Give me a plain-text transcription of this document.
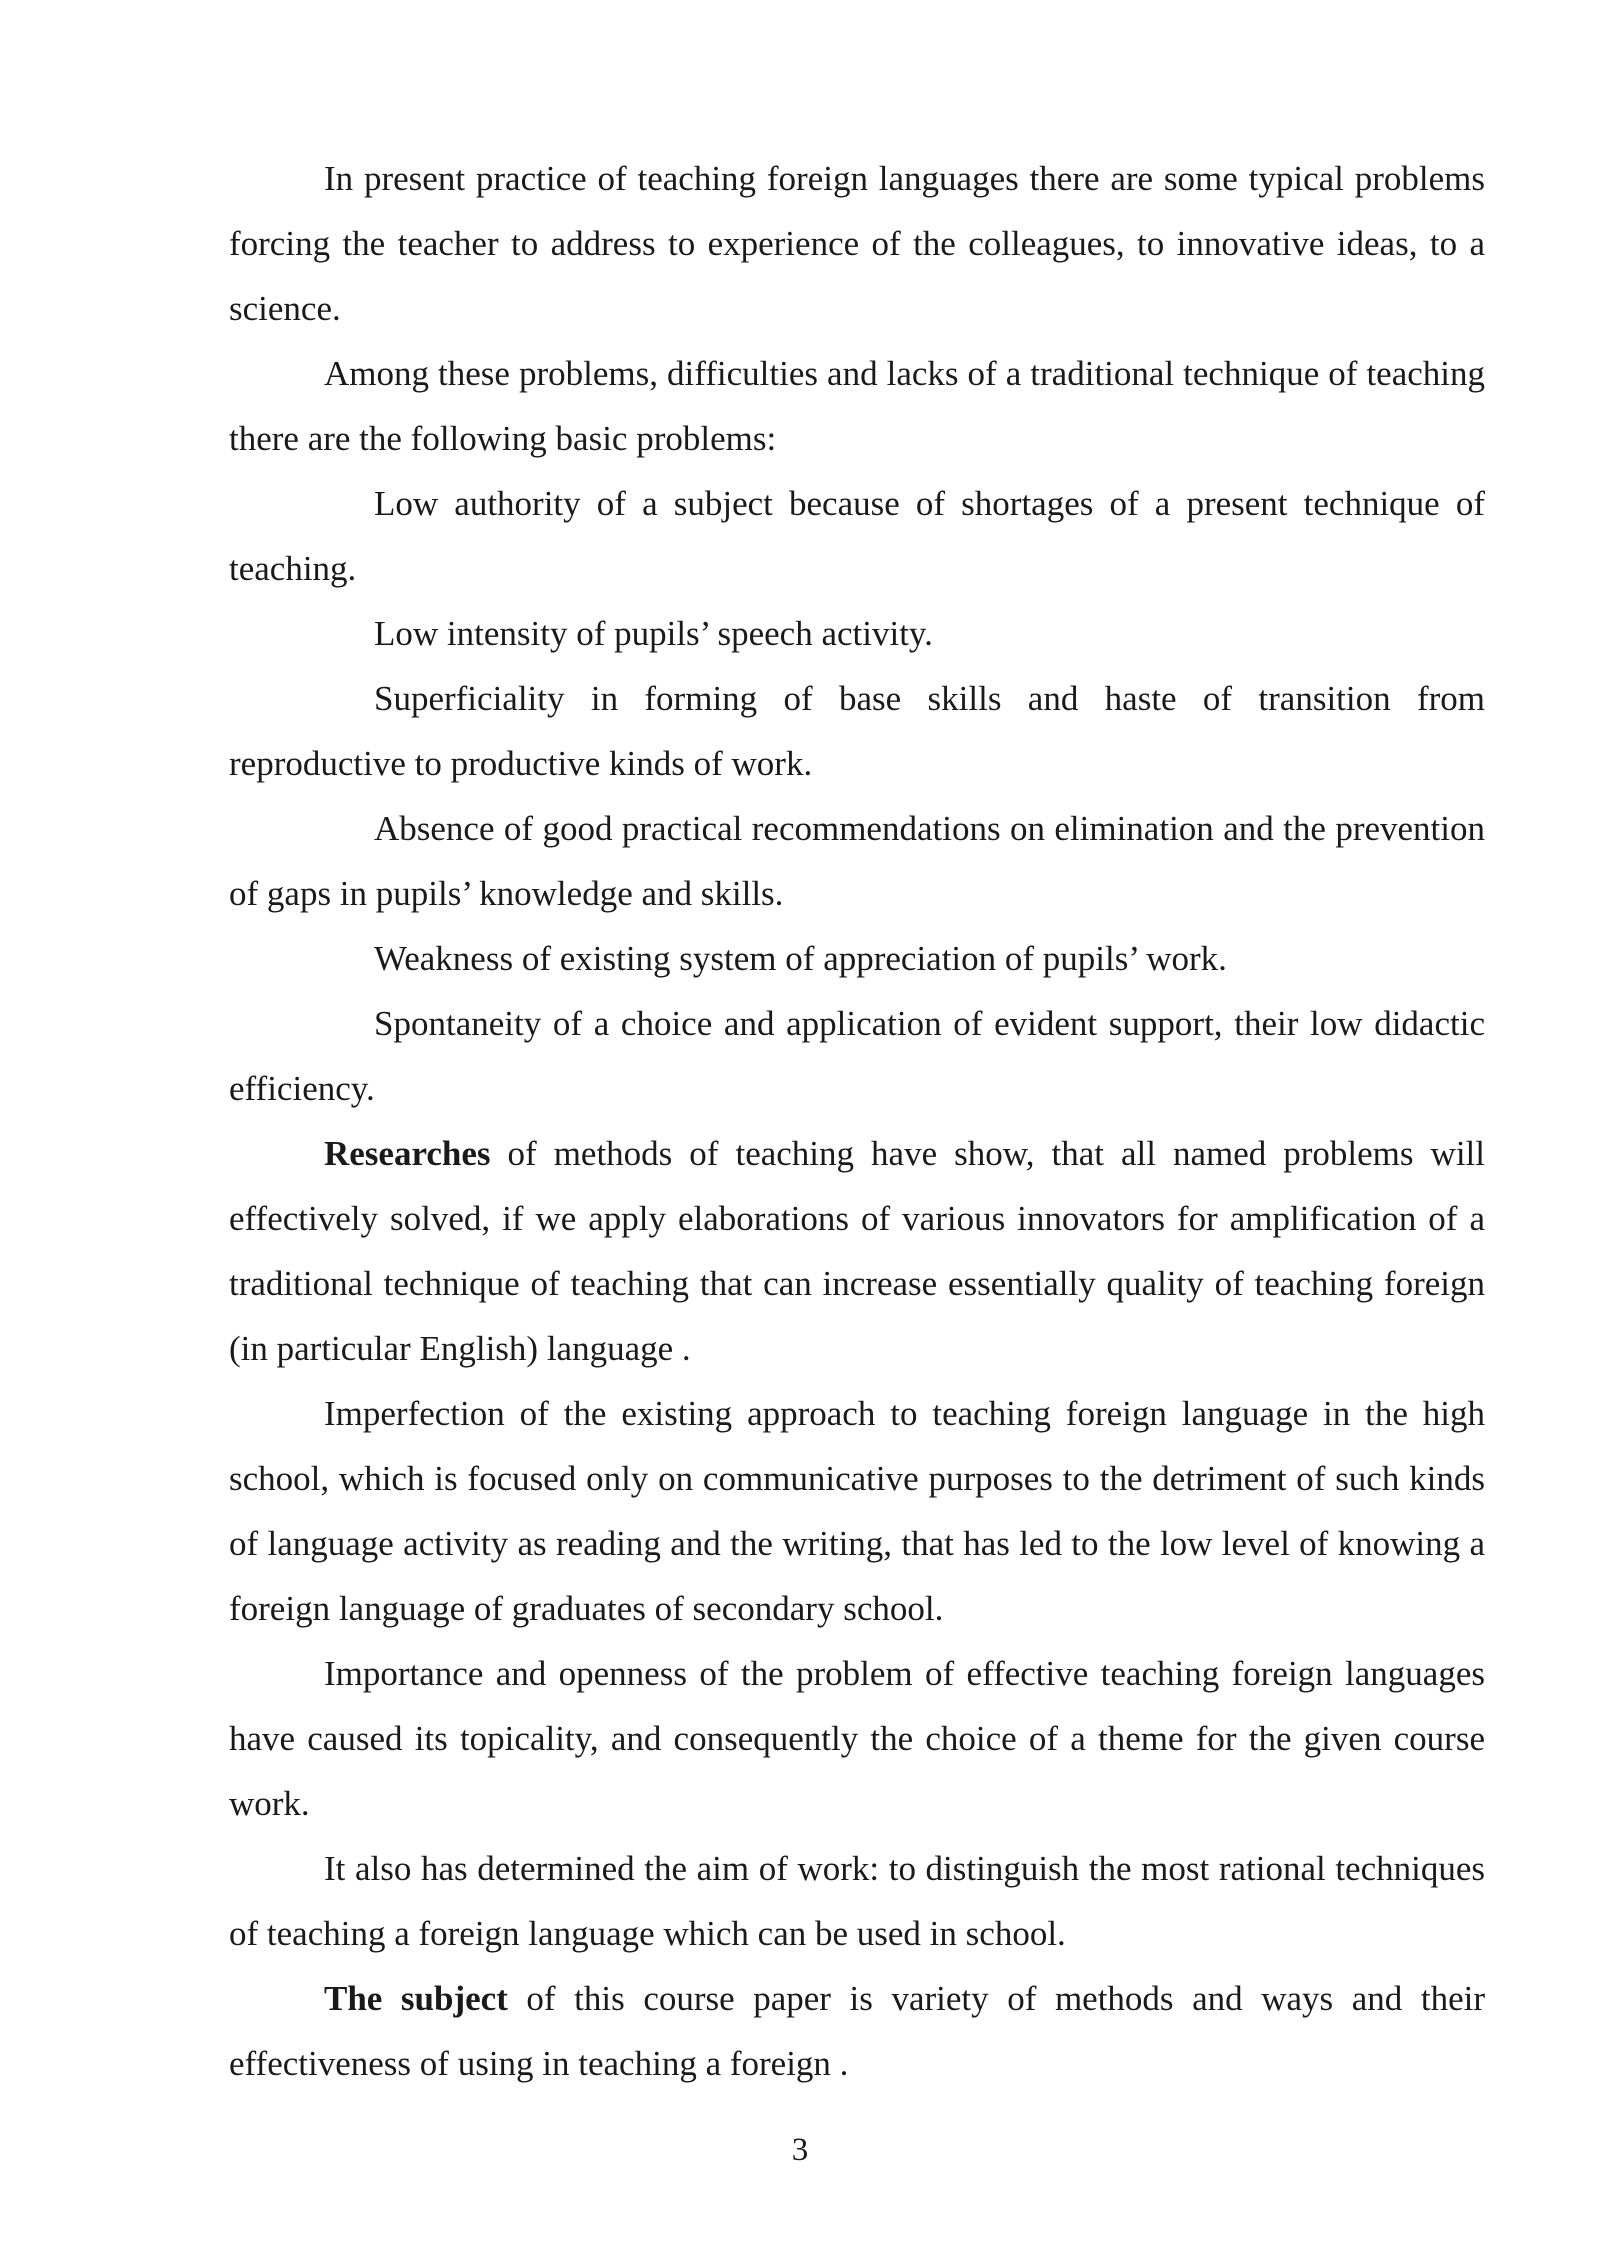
In present practice of teaching foreign languages there are some typical problems forcing the teacher to address to experience of the colleagues, to innovative ideas, to a science.

Among these problems, difficulties and lacks of a traditional technique of teaching there are the following basic problems:

Low authority of a subject because of shortages of a present technique of teaching.

Low intensity of pupils’ speech activity.

Superficiality in forming of base skills and haste of transition from reproductive to productive kinds of work.

Absence of good practical recommendations on elimination and the prevention of gaps in pupils’ knowledge and skills.

Weakness of existing system of appreciation of pupils’ work.

Spontaneity of a choice and application of evident support, their low didactic efficiency.

Researches of methods of teaching have show, that all named problems will effectively solved, if we apply elaborations of various innovators for amplification of a traditional technique of teaching that can increase essentially quality of teaching foreign (in particular English) language .

Imperfection of the existing approach to teaching foreign language in the high school, which is focused only on communicative purposes to the detriment of such kinds of language activity as reading and the writing, that has led to the low level of knowing a foreign language of graduates of secondary school.

Importance and openness of the problem of effective teaching foreign languages have caused its topicality, and consequently the choice of a theme for the given course work.

It also has determined the aim of work: to distinguish the most rational techniques of teaching a foreign language which can be used in school.

The subject of this course paper is variety of methods and ways and their effectiveness of using in teaching a foreign .

3
